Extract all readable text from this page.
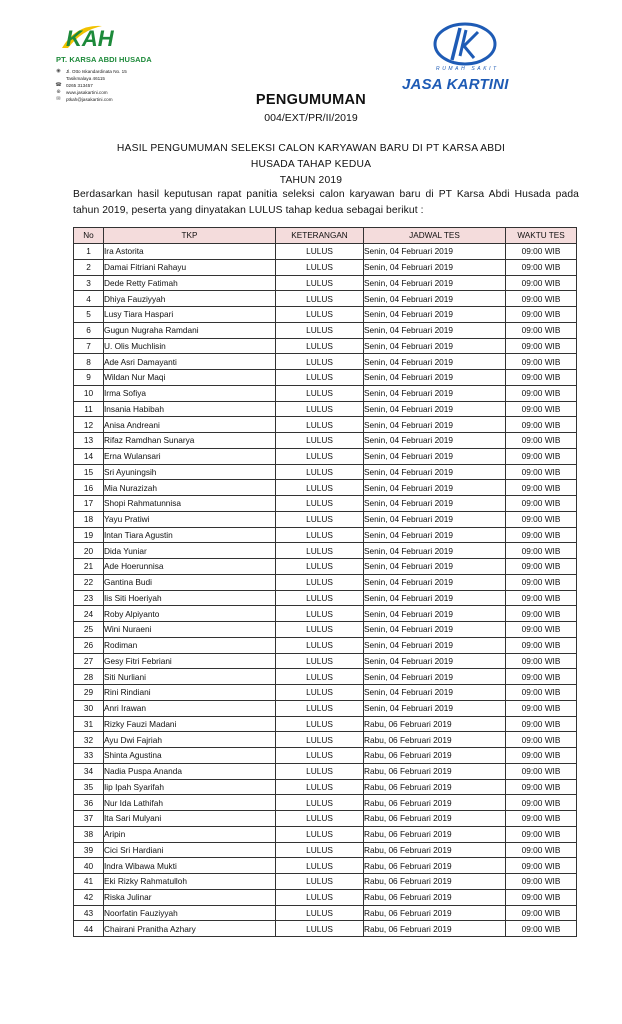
KAH
PT. KARSA ABDI HUSADA
◉ Jl. Otto Iskandardinata No. 15
Tasikmalaya 46115
☎ 0265 313457
⊕	www.jasakartini.com
✉	ptkah@jasakartini.com
RUMAH SAKIT
JASA KARTINI
PENGUMUMAN
004/EXT/PR/II/2019
HASIL PENGUMUMAN SELEKSI CALON KARYAWAN BARU DI PT KARSA ABDI
HUSADA TAHAP KEDUA
TAHUN 2019
Berdasarkan hasil keputusan rapat panitia seleksi calon karyawan baru di PT Karsa Abdi Husada pada tahun 2019, peserta yang dinyatakan LULUS tahap kedua sebagai berikut :
No	TKP	KETERANGAN	JADWAL TES	WAKTU TES
1	Ira Astorita	LULUS	Senin, 04 Februari 2019	09:00 WIB
2	Damai Fitriani Rahayu	LULUS	Senin, 04 Februari 2019	09:00 WIB
3	Dede Retty Fatimah	LULUS	Senin, 04 Februari 2019	09:00 WIB
4	Dhiya Fauziyyah	LULUS	Senin, 04 Februari 2019	09:00 WIB
5	Lusy Tiara Haspari	LULUS	Senin, 04 Februari 2019	09:00 WIB
6	Gugun Nugraha Ramdani	LULUS	Senin, 04 Februari 2019	09:00 WIB
7	U. Olis Muchlisin	LULUS	Senin, 04 Februari 2019	09:00 WIB
8	Ade Asri Damayanti	LULUS	Senin, 04 Februari 2019	09:00 WIB
9	Wildan Nur Maqi	LULUS	Senin, 04 Februari 2019	09:00 WIB
10	Irma Sofiya	LULUS	Senin, 04 Februari 2019	09:00 WIB
11	Insania Habibah	LULUS	Senin, 04 Februari 2019	09:00 WIB
12	Anisa Andreani	LULUS	Senin, 04 Februari 2019	09:00 WIB
13	Rifaz Ramdhan Sunarya	LULUS	Senin, 04 Februari 2019	09:00 WIB
14	Erna Wulansari	LULUS	Senin, 04 Februari 2019	09:00 WIB
15	Sri Ayuningsih	LULUS	Senin, 04 Februari 2019	09:00 WIB
16	Mia Nurazizah	LULUS	Senin, 04 Februari 2019	09:00 WIB
17	Shopi Rahmatunnisa	LULUS	Senin, 04 Februari 2019	09:00 WIB
18	Yayu Pratiwi	LULUS	Senin, 04 Februari 2019	09:00 WIB
19	Intan Tiara Agustin	LULUS	Senin, 04 Februari 2019	09:00 WIB
20	Dida Yuniar	LULUS	Senin, 04 Februari 2019	09:00 WIB
21	Ade Hoerunnisa	LULUS	Senin, 04 Februari 2019	09:00 WIB
22	Gantina Budi	LULUS	Senin, 04 Februari 2019	09:00 WIB
23	Iis Siti Hoeriyah	LULUS	Senin, 04 Februari 2019	09:00 WIB
24	Roby Alpiyanto	LULUS	Senin, 04 Februari 2019	09:00 WIB
25	Wini Nuraeni	LULUS	Senin, 04 Februari 2019	09:00 WIB
26	Rodiman	LULUS	Senin, 04 Februari 2019	09:00 WIB
27	Gesy Fitri Febriani	LULUS	Senin, 04 Februari 2019	09:00 WIB
28	Siti Nurliani	LULUS	Senin, 04 Februari 2019	09:00 WIB
29	Rini Rindiani	LULUS	Senin, 04 Februari 2019	09:00 WIB
30	Anri Irawan	LULUS	Senin, 04 Februari 2019	09:00 WIB
31	Rizky Fauzi Madani	LULUS	Rabu, 06 Februari 2019	09:00 WIB
32	Ayu Dwi Fajriah	LULUS	Rabu, 06 Februari 2019	09:00 WIB
33	Shinta Agustina	LULUS	Rabu, 06 Februari 2019	09:00 WIB
34	Nadia Puspa Ananda	LULUS	Rabu, 06 Februari 2019	09:00 WIB
35	Iip Ipah Syarifah	LULUS	Rabu, 06 Februari 2019	09:00 WIB
36	Nur Ida Lathifah	LULUS	Rabu, 06 Februari 2019	09:00 WIB
37	Ita Sari Mulyani	LULUS	Rabu, 06 Februari 2019	09:00 WIB
38	Aripin	LULUS	Rabu, 06 Februari 2019	09:00 WIB
39	Cici Sri Hardiani	LULUS	Rabu, 06 Februari 2019	09:00 WIB
40	Indra Wibawa Mukti	LULUS	Rabu, 06 Februari 2019	09:00 WIB
41	Eki Rizky Rahmatulloh	LULUS	Rabu, 06 Februari 2019	09:00 WIB
42	Riska Julinar	LULUS	Rabu, 06 Februari 2019	09:00 WIB
43	Noorfatin Fauziyyah	LULUS	Rabu, 06 Februari 2019	09:00 WIB
44	Chairani Pranitha Azhary	LULUS	Rabu, 06 Februari 2019	09:00 WIB
